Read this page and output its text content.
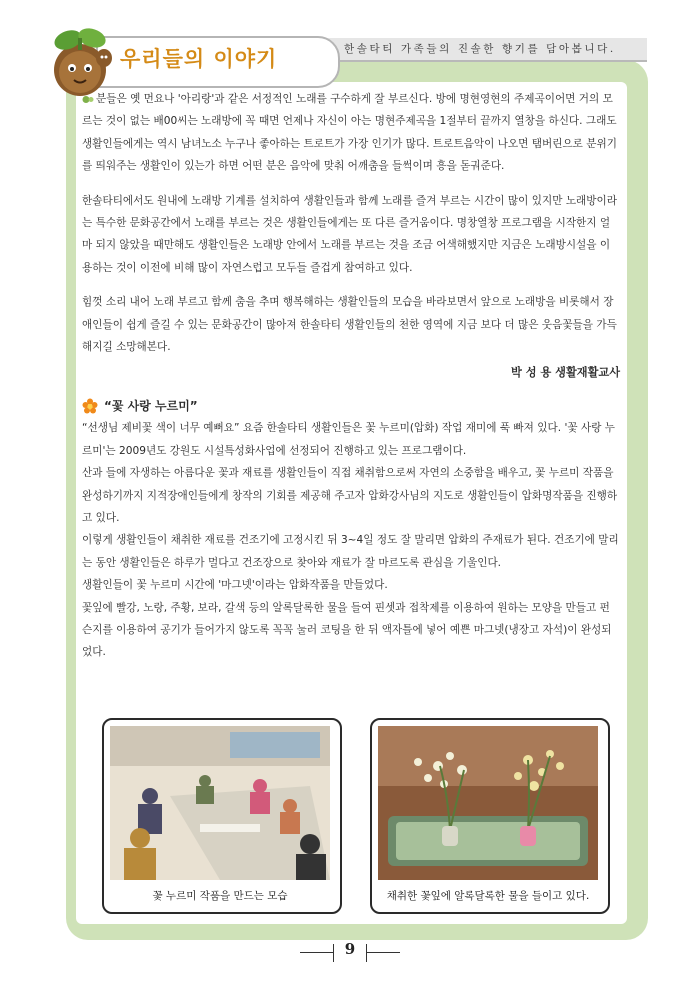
우리들의 이야기	한솔타티 가족들의 진솔한 향기를 담아봅니다.

분들은 옛 먼요나 '아리랑'과 같은 서정적인 노래를 구수하게 잘 부르신다. 방에 명현영현의 주제곡이어면 거의 모르는 것이 없는 배00씨는 노래방에 꼭 때면 언제나 자신이 아는 명현주제곡을 1절부터 끝까지 열창을 하신다. 그래도 생활인들에게는 역시 남녀노소 누구나 좋아하는 트로트가 가장 인기가 많다. 트로트음악이 나오면 탬버린으로 분위기를 띄워주는 생활인이 있는가 하면 어떤 분은 음악에 맞춰 어깨춤을 들썩이며 흥을 돋궈준다.

한솔타티에서도 원내에 노래방 기계를 설치하여 생활인들과 함께 노래를 즐겨 부르는 시간이 많이 있지만 노래방이라는 특수한 문화공간에서 노래를 부르는 것은 생활인들에게는 또 다른 즐거움이다. 명창열창 프로그램을 시작한지 얼마 되지 않았을 때만해도 생활인들은 노래방 안에서 노래를 부르는 것을 조금 어색해했지만 지금은 노래방시설을 이용하는 것이 이전에 비해 많이 자연스럽고 모두들 즐겁게 참여하고 있다.

힘껏 소리 내어 노래 부르고 함께 춤을 추며 행복해하는 생활인들의 모습을 바라보면서 앞으로 노래방을 비롯해서 장애인들이 쉽게 즐길 수 있는 문화공간이 많아져 한솔타티 생활인들의 천한 영역에 지금 보다 더 많은 웃음꽃들을 가득해지길 소망해본다.

박 성 용 생활재활교사
“꽃 사랑 누르미”

“선생님 제비꽃 색이 너무 예뻐요” 요즘 한솔타티 생활인들은 꽃 누르미(압화) 작업 재미에 푹 빠져 있다. '꽃 사랑 누르미'는 2009년도 강원도 시설특성화사업에 선정되어 진행하고 있는 프로그램이다.

산과 들에 자생하는 아름다운 꽃과 재료를 생활인들이 직접 채취함으로써 자연의 소중함을 배우고, 꽃 누르미 작품을 완성하기까지 지적장애인들에게 창작의 기회를 제공해 주고자 압화강사님의 지도로 생활인들이 압화명작품을 진행하고 있다.

이렇게 생활인들이 채취한 재료를 건조기에 고정시킨 뒤 3~4일 정도 잘 말리면 압화의 주재료가 된다. 건조기에 말리는 동안 생활인들은 하루가 멀다고 건조장으로 찾아와 재료가 잘 마르도록 관심을 기울인다.

생활인들이 꽃 누르미 시간에 '마그넷'이라는 압화작품을 만들었다.

꽃잎에 빨강, 노랑, 주황, 보라, 갈색 등의 알록달록한 물을 들여 핀셋과 접착제를 이용하여 원하는 모양을 만들고 펀슨지를 이용하여 공기가 들어가지 않도록 꼭꼭 눌러 코팅을 한 뒤 액자틀에 넣어 예쁜 마그넷(냉장고 자석)이 완성되었다.

꽃 누르미 작품을 만드는 모습	채취한 꽃잎에 알록달록한 물을 들이고 있다.
9
